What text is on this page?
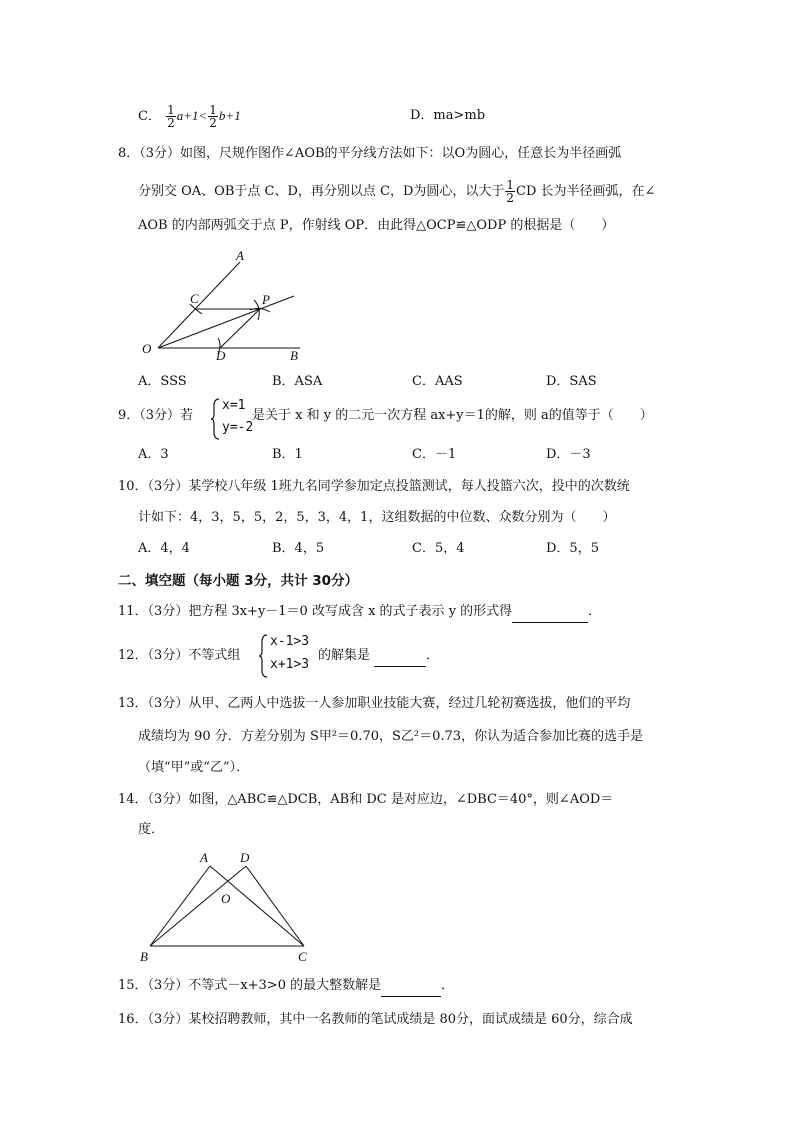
C． $\frac{1}{2} a+1< \frac{1}{2} b+1$	D．ma>mb
8．（3分）如图，尺规作图作∠AOB的平分线方法如下：以O为圆心，任意长为半径画弧
分别交 OA、OB于点 C、D，再分别以点 C，D为圆心，以大于 $\frac{1}{2}$ CD 长为半径画弧，在∠
AOB 的内部两弧交于点 P，作射线 OP．由此得△OCP≌△ODP 的根据是（　　）
A
C	P
O	D	B
A．SSS	B．ASA	C．AAS	D．SAS
9．（3分）若
x=1
y=-2
是关于 x 和 y 的二元一次方程 ax+y＝1的解，则 a的值等于（　　）
A．3	B．1	C．－1	D．－3
10．（3分）某学校八年级 1班九名同学参加定点投篮测试，每人投篮六次，投中的次数统
计如下：4，3，5，5，2，5，3，4，1，这组数据的中位数、众数分别为（　　）
A．4，4	B．4，5	C．5，4	D．5，5
二、填空题（每小题 3分，共计 30分）
11．（3分）把方程 3x+y－1＝0 改写成含 x 的式子表示 y 的形式得	．
12．（3分）不等式组
x-1>3
x+1>3
的解集是	．
13．（3分）从甲、乙两人中选拔一人参加职业技能大赛，经过几轮初赛选拔，他们的平均
成绩均为 90 分．方差分别为 S甲²＝0.70，S乙²＝0.73，你认为适合参加比赛的选手是
（填“甲”或“乙”）．
14．（3分）如图，△ABC≌△DCB，AB和 DC 是对应边，∠DBC＝40°，则∠AOD＝
度．
A D
O
B	C
15．（3分）不等式－x+3>0 的最大整数解是	．
16．（3分）某校招聘教师，其中一名教师的笔试成绩是 80分，面试成绩是 60分，综合成
